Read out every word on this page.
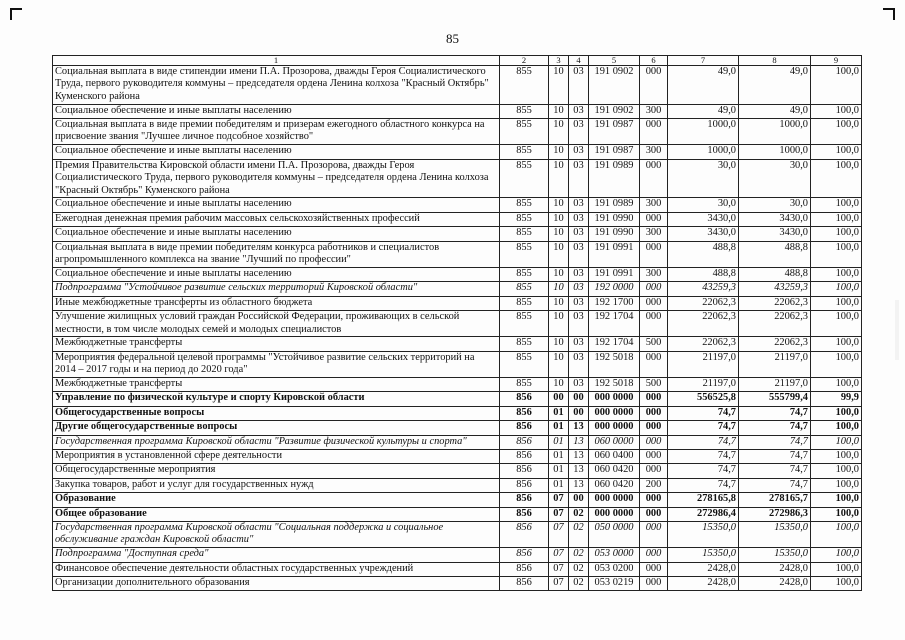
85
1	2	3	4	5	6	7	8	9
Социальная выплата в виде стипендии имени П.А. Прозорова, дважды Героя Социалистического Труда, первого руководителя коммуны – председателя ордена Ленина колхоза "Красный Октябрь" Куменского района	855	10	03	191 0902	000	49,0	49,0	100,0
Социальное обеспечение и иные выплаты населению	855	10	03	191 0902	300	49,0	49,0	100,0
Социальная выплата в виде премии победителям и призерам ежегодного областного конкурса на присвоение звания "Лучшее личное подсобное хозяйство"	855	10	03	191 0987	000	1000,0	1000,0	100,0
Социальное обеспечение и иные выплаты населению	855	10	03	191 0987	300	1000,0	1000,0	100,0
Премия Правительства Кировской области имени П.А. Прозорова, дважды Героя Социалистического Труда, первого руководителя коммуны – председателя ордена Ленина колхоза "Красный Октябрь" Куменского района	855	10	03	191 0989	000	30,0	30,0	100,0
Социальное обеспечение и иные выплаты населению	855	10	03	191 0989	300	30,0	30,0	100,0
Ежегодная денежная премия рабочим массовых сельскохозяйственных профессий	855	10	03	191 0990	000	3430,0	3430,0	100,0
Социальное обеспечение и иные выплаты населению	855	10	03	191 0990	300	3430,0	3430,0	100,0
Социальная выплата в виде премии победителям конкурса работников и специалистов агропромышленного комплекса на звание "Лучший по профессии"	855	10	03	191 0991	000	488,8	488,8	100,0
Социальное обеспечение и иные выплаты населению	855	10	03	191 0991	300	488,8	488,8	100,0
Подпрограмма "Устойчивое развитие сельских территорий Кировской области"	855	10	03	192 0000	000	43259,3	43259,3	100,0
Иные межбюджетные трансферты из областного бюджета	855	10	03	192 1700	000	22062,3	22062,3	100,0
Улучшение жилищных условий граждан Российской Федерации, проживающих в сельской местности, в том числе молодых семей и молодых специалистов	855	10	03	192 1704	000	22062,3	22062,3	100,0
Межбюджетные трансферты	855	10	03	192 1704	500	22062,3	22062,3	100,0
Мероприятия федеральной целевой программы "Устойчивое развитие сельских территорий на 2014 – 2017 годы и на период до 2020 года"	855	10	03	192 5018	000	21197,0	21197,0	100,0
Межбюджетные трансферты	855	10	03	192 5018	500	21197,0	21197,0	100,0
Управление по физической культуре и спорту Кировской области	856	00	00	000 0000	000	556525,8	555799,4	99,9
Общегосударственные вопросы	856	01	00	000 0000	000	74,7	74,7	100,0
Другие общегосударственные вопросы	856	01	13	000 0000	000	74,7	74,7	100,0
Государственная программа Кировской области "Развитие физической культуры и спорта"	856	01	13	060 0000	000	74,7	74,7	100,0
Мероприятия в установленной сфере деятельности	856	01	13	060 0400	000	74,7	74,7	100,0
Общегосударственные мероприятия	856	01	13	060 0420	000	74,7	74,7	100,0
Закупка товаров, работ и услуг для государственных нужд	856	01	13	060 0420	200	74,7	74,7	100,0
Образование	856	07	00	000 0000	000	278165,8	278165,7	100,0
Общее образование	856	07	02	000 0000	000	272986,4	272986,3	100,0
Государственная программа Кировской области "Социальная поддержка и социальное обслуживание граждан Кировской области"	856	07	02	050 0000	000	15350,0	15350,0	100,0
Подпрограмма "Доступная среда"	856	07	02	053 0000	000	15350,0	15350,0	100,0
Финансовое обеспечение деятельности областных государственных учреждений	856	07	02	053 0200	000	2428,0	2428,0	100,0
Организации дополнительного образования	856	07	02	053 0219	000	2428,0	2428,0	100,0
